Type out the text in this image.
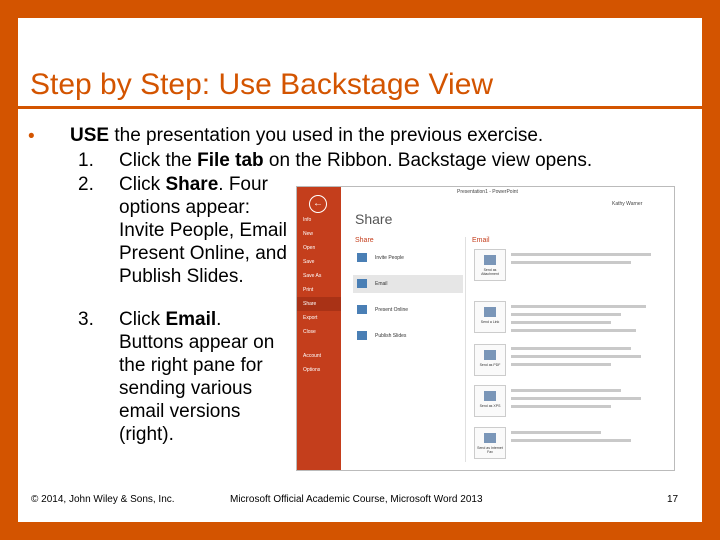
Step by Step: Use Backstage View
• USE the presentation you used in the previous exercise.
1. Click the File tab on the Ribbon. Backstage view opens.
2. Click Share. Four
options appear:
Invite People, Email
Present Online, and
Publish Slides.
3. Click Email.
Buttons appear on
the right pane for
sending various
email versions
(right).
Presentation1 - PowerPoint
Kathy Warner
←
Info
New
Open
Save
Save As
Print
Share
Export
Close
Account
Options
Share
Share
Invite People
Email
Present Online
Publish Slides
Email
Send as Attachment
Send a Link
Send as PDF
Send as XPS
Send as Internet Fax
© 2014, John Wiley & Sons, Inc.	Microsoft Official Academic Course, Microsoft Word 2013	17
